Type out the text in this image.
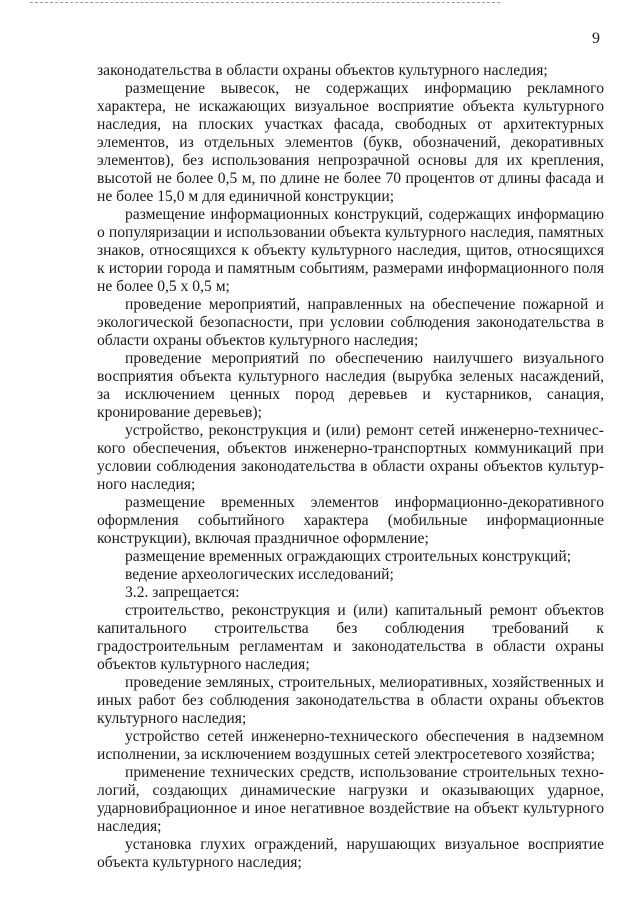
9

законодательства в области охраны объектов культурного наследия;

размещение вывесок, не содержащих информацию рекламного характера, не искажающих визуальное восприятие объекта культурного наследия, на плоских участках фасада, свободных от архитектурных элементов, из отдельных элементов (букв, обозначений, декоративных элементов), без использования непрозрачной основы для их крепления, высотой не более 0,5 м, по длине не более 70 процентов от длины фасада и не более 15,0 м для единичной конструкции;

размещение информационных конструкций, содержащих информацию о популяризации и использовании объекта культурного наследия, памятных знаков, относящихся к объекту культурного наследия, щитов, относящихся к истории города и памятным событиям, размерами информационного поля не более 0,5 х 0,5 м;

проведение мероприятий, направленных на обеспечение пожарной и экологической безопасности, при условии соблюдения законодательства в области охраны объектов культурного наследия;

проведение мероприятий по обеспечению наилучшего визуального восприятия объекта культурного наследия (вырубка зеленых насаждений, за исключением ценных пород деревьев и кустарников, санация, кронирование деревьев);

устройство, реконструкция и (или) ремонт сетей инженерно-технического обеспечения, объектов инженерно-транспортных коммуникаций при условии соблюдения законодательства в области охраны объектов культурного наследия;

размещение временных элементов информационно-декоративного оформления событийного характера (мобильные информационные конструкции), включая праздничное оформление;

размещение временных ограждающих строительных конструкций;

ведение археологических исследований;

3.2. запрещается:

строительство, реконструкция и (или) капитальный ремонт объектов капитального строительства без соблюдения требований к градостроительным регламентам и законодательства в области охраны объектов культурного наследия;

проведение земляных, строительных, мелиоративных, хозяйственных и иных работ без соблюдения законодательства в области охраны объектов культурного наследия;

устройство сетей инженерно-технического обеспечения в надземном исполнении, за исключением воздушных сетей электросетевого хозяйства;

применение технических средств, использование строительных технологий, создающих динамические нагрузки и оказывающих ударное, ударновибрационное и иное негативное воздействие на объект культурного наследия;

установка глухих ограждений, нарушающих визуальное восприятие объекта культурного наследия;
